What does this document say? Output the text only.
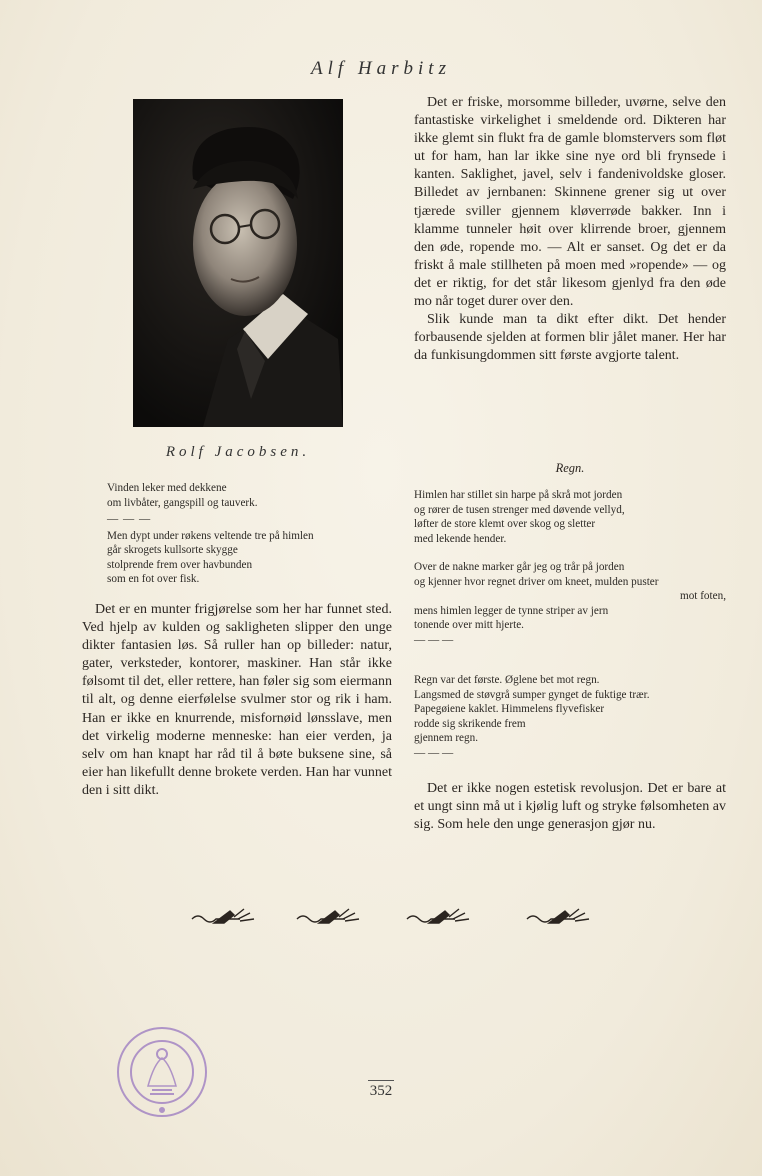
Alf Harbitz
Rolf Jacobsen.
Vinden leker med dekkene
om livbåter, gangspill og tauverk.
— — —
Men dypt under røkens veltende tre på himlen
går skrogets kullsorte skygge
stolprende frem over havbunden
som en fot over fisk.

Det er en munter frigjørelse som her har funnet sted. Ved hjelp av kulden og sakligheten slipper den unge dikter fantasien løs. Så ruller han op billeder: natur, gater, verksteder, kontorer, maskiner. Han står ikke følsomt til det, eller rettere, han føler sig som eiermann til alt, og denne eierfølelse svulmer stor og rik i ham. Han er ikke en knurrende, misfornøid lønsslave, men det virkelig moderne menneske: han eier verden, ja selv om han knapt har råd til å bøte buksene sine, så eier han likefullt denne brokete verden. Han har vunnet den i sitt dikt.

Det er friske, morsomme billeder, uvørne, selve den fantastiske virkelighet i smeldende ord. Dikteren har ikke glemt sin flukt fra de gamle blomstervers som fløt ut for ham, han lar ikke sine nye ord bli frynsede i kanten. Saklighet, javel, selv i fandenivoldske gloser. Billedet av jernbanen: Skinnene grener sig ut over tjærede sviller gjennem kløverrøde bakker. Inn i klamme tunneler høit over klirrende broer, gjennem den øde, ropende mo. — Alt er sanset. Og det er da friskt å male stillheten på moen med »ropende» — og det er riktig, for det står likesom gjenlyd fra den øde mo når toget durer over den.

Slik kunde man ta dikt efter dikt. Det hender forbausende sjelden at formen blir jålet maner. Her har da funkisungdommen sitt første avgjorte talent.

Regn.
Himlen har stillet sin harpe på skrå mot jorden
og rører de tusen strenger med døvende vellyd,
løfter de store klemt over skog og sletter
med lekende hender.
Over de nakne marker går jeg og trår på jorden
og kjenner hvor regnet driver om kneet, mulden puster
mot foten,
mens himlen legger de tynne striper av jern
tonende over mitt hjerte.
— — —
Regn var det første. Øglene bet mot regn.
Langsmed de støvgrå sumper gynget de fuktige trær.
Papegøiene kaklet. Himmelens flyvefisker
rodde sig skrikende frem
gjennem regn.
— — —

Det er ikke nogen estetisk revolusjon. Det er bare at et ungt sinn må ut i kjølig luft og stryke følsomheten av sig. Som hele den unge generasjon gjør nu.

352
